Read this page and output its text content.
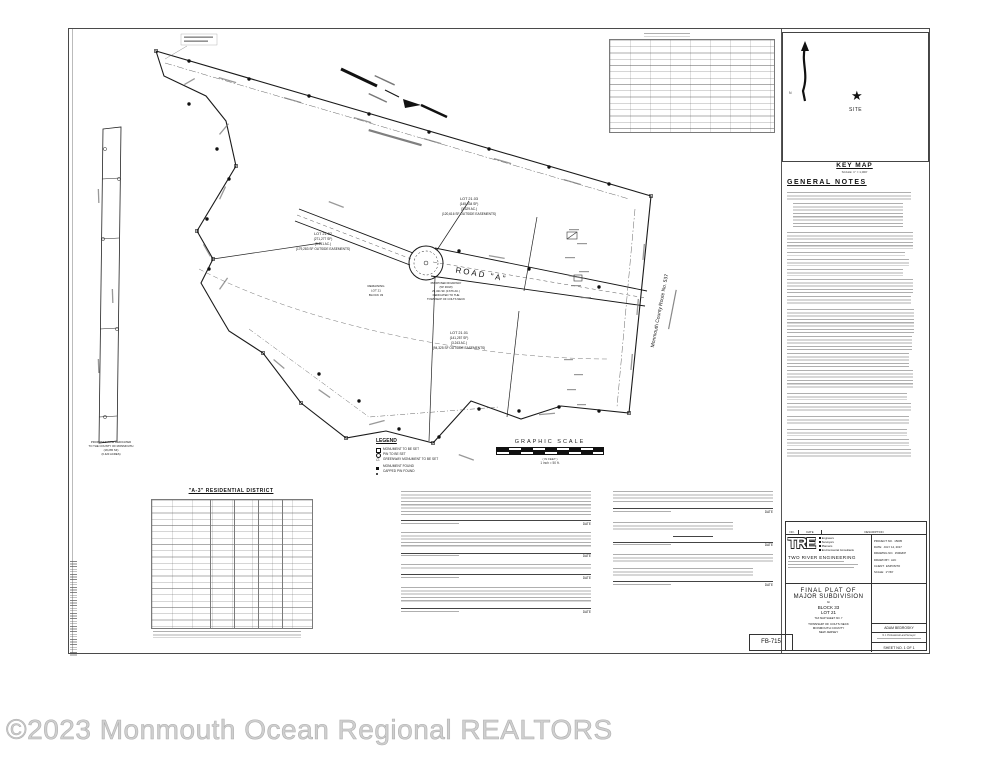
LOT 21.02
(271,277 SF)
(5.241 AC.)
(179,283 SF OUTSIDE EASEMENTS)
LOT 21.03
(145,034 SF)
(3.329 AC.)
(120,616 SF OUTSIDE EASEMENTS)
LOT 21.01
(141,257 SF)
(3.243 AC.)
(94,325 SF OUTSIDE EASEMENTS)
REMAINING
LOT 21
BLOCK 33
PROPOSED ROADWAY
(50' ROW)
29,431 SF (0.676 AC.)
DEDICATED TO THE
TOWNSHIP OF COLTS NECK
PROPOSED ROW DEDICATED
TO THE COUNTY OF MONMOUTH
(18,265 SF)
(0.420 ACRES)
ROAD "A"	Monmouth County Route No. 537
N	★
SITE
KEY MAP
SCALE: 1" = 1,000'
GENERAL NOTES
LEGEND
MONUMENT TO BE SET
PIN TO BE SET
△	GREENWAY MONUMENT TO BE SET
MONUMENT FOUND
CAPPED PIN FOUND
GRAPHIC SCALE
( IN FEET )
1 inch = 50 ft.
"A-3" RESIDENTIAL DISTRICT
DATE
DATE
DATE
DATE
DATE
DATE
DATE
NO.	DATE	DESCRIPTION
TRE	Engineers
Surveyors
Planners
Environmental Consultants
TWO RIVER ENGINEERING
PROJECT NO.  15005
DATE:  JULY 14, 2017
DRAWING NO.  15002FP
DRAWN BY:  AJC
CLIENT:  ESPOSITO
SCALE:  1"=50'
FINAL PLAT OF
MAJOR SUBDIVISION
for
BLOCK 33
LOT 21
TAX MAP SHEET NO. 7
TOWNSHIP OF COLTS NECK
MONMOUTH COUNTY
NEW JERSEY
ADAM BEDROSKY
N.J. Professional Land Surveyor
SHEET NO. 1 OF 1
FB-715
©2023 Monmouth Ocean Regional REALTORS
